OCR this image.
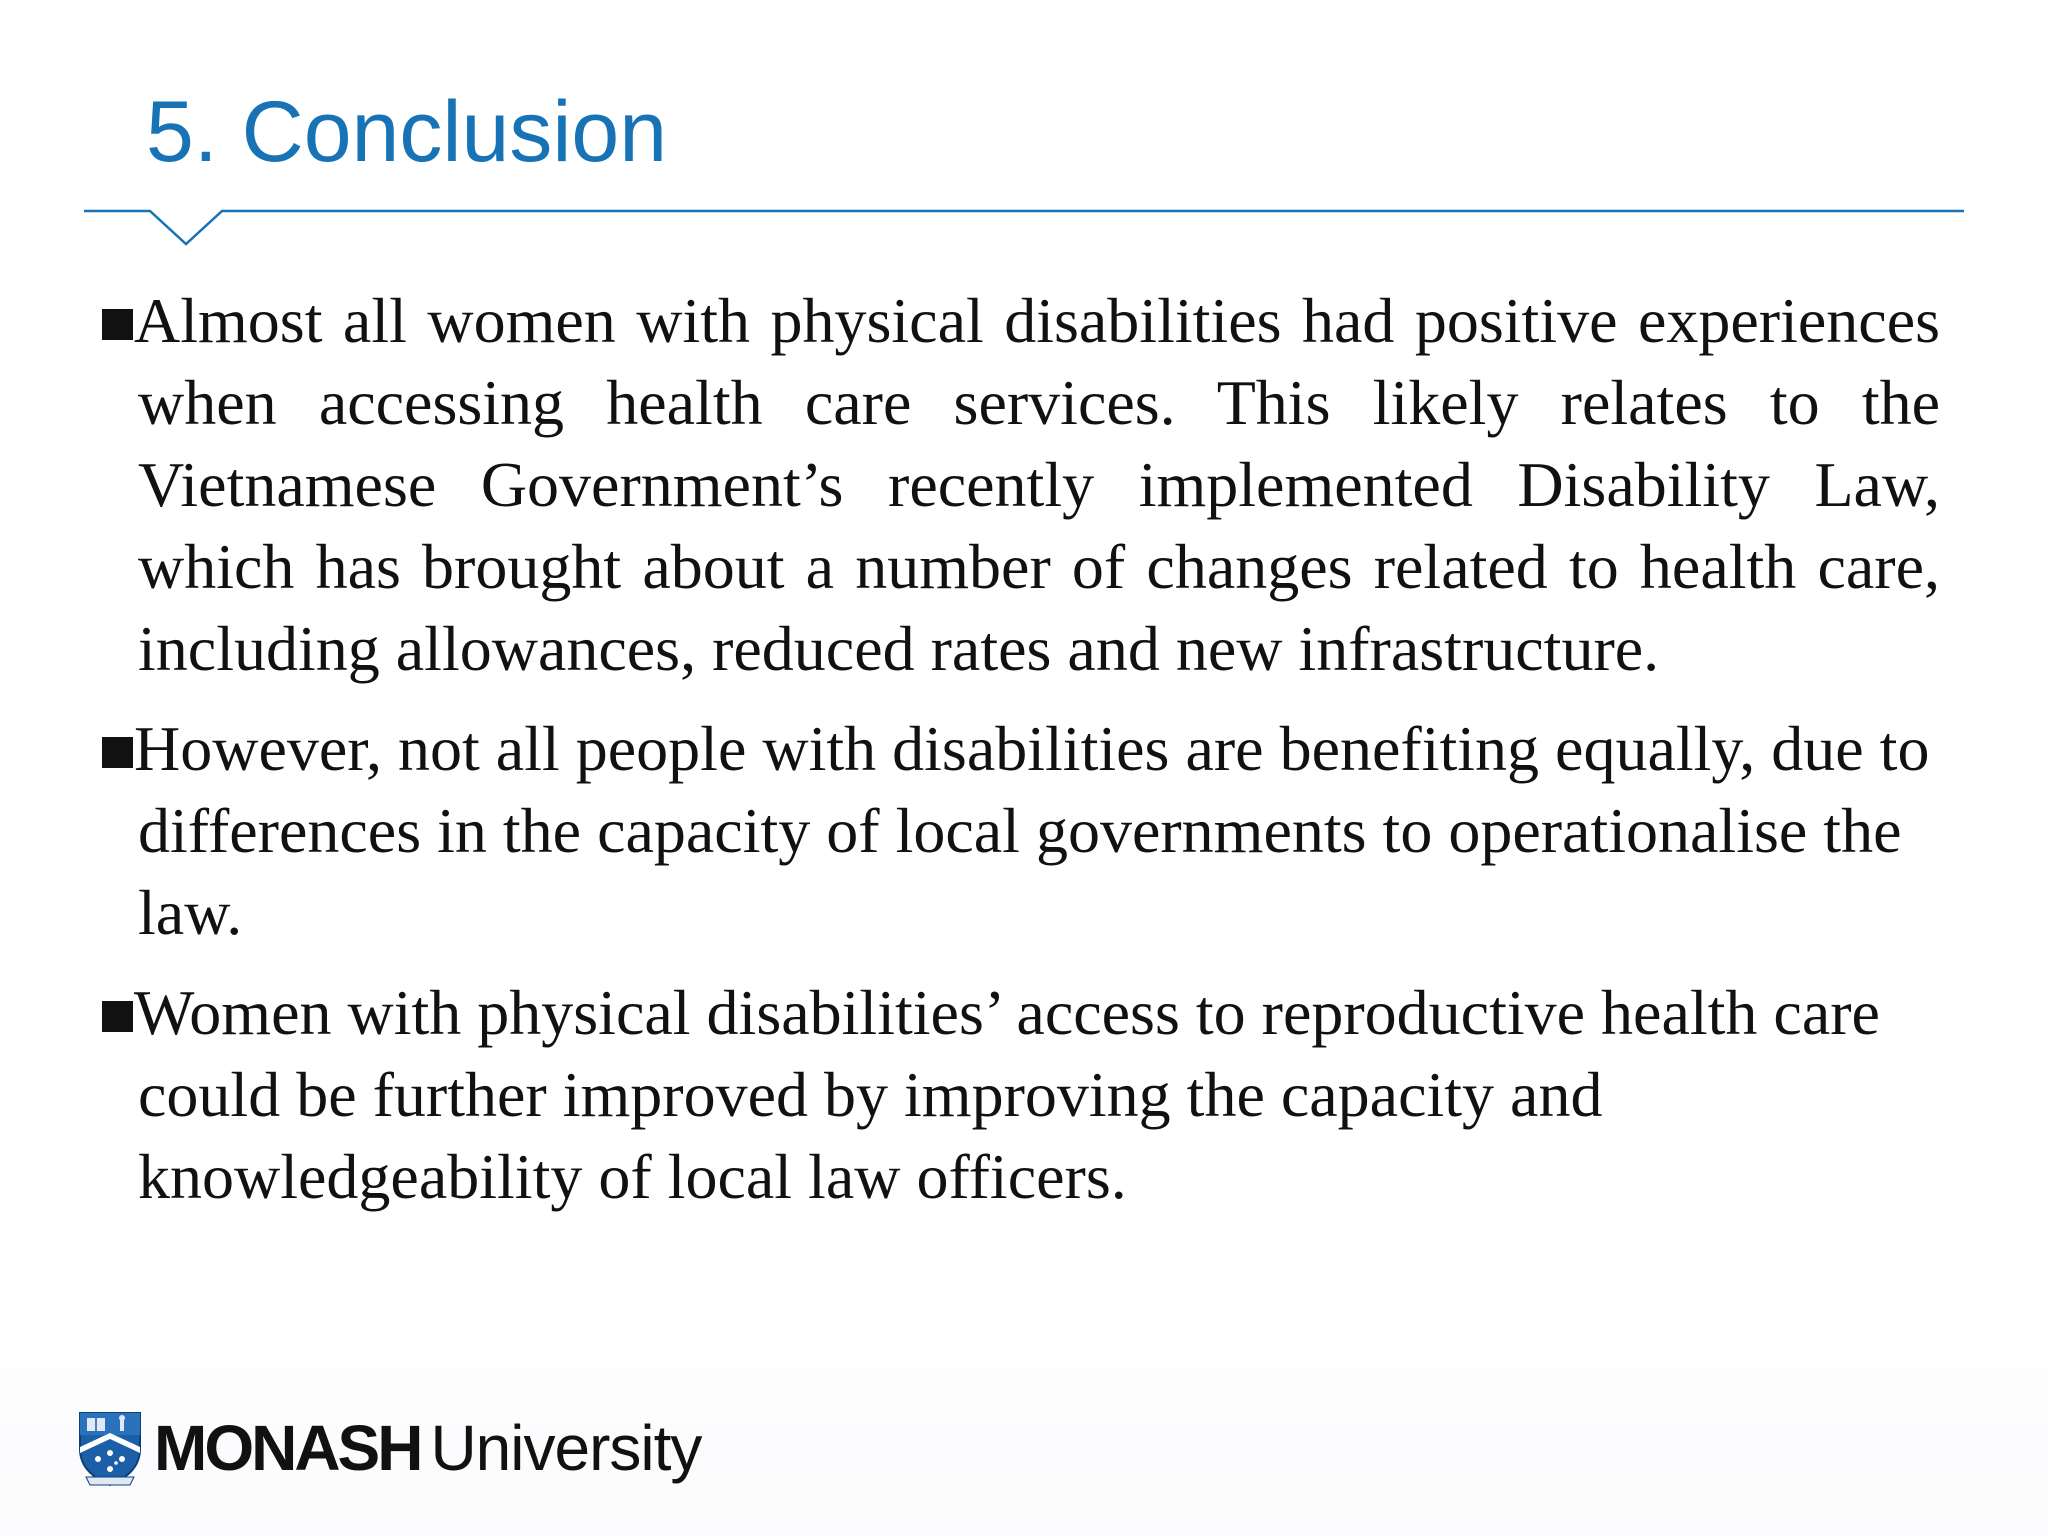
5. Conclusion
Almost all women with physical disabilities had positive experiences when accessing health care services. This likely relates to the Vietnamese Government’s recently implemented Disability Law, which has brought about a number of changes related to health care, including allowances, reduced rates and new infrastructure.
However, not all people with disabilities are benefiting equally, due to differences in the capacity of local governments to operationalise the law.
Women with physical disabilities’ access to reproductive health care could be further improved by improving the capacity and knowledgeability of local law officers.
MONASH University
